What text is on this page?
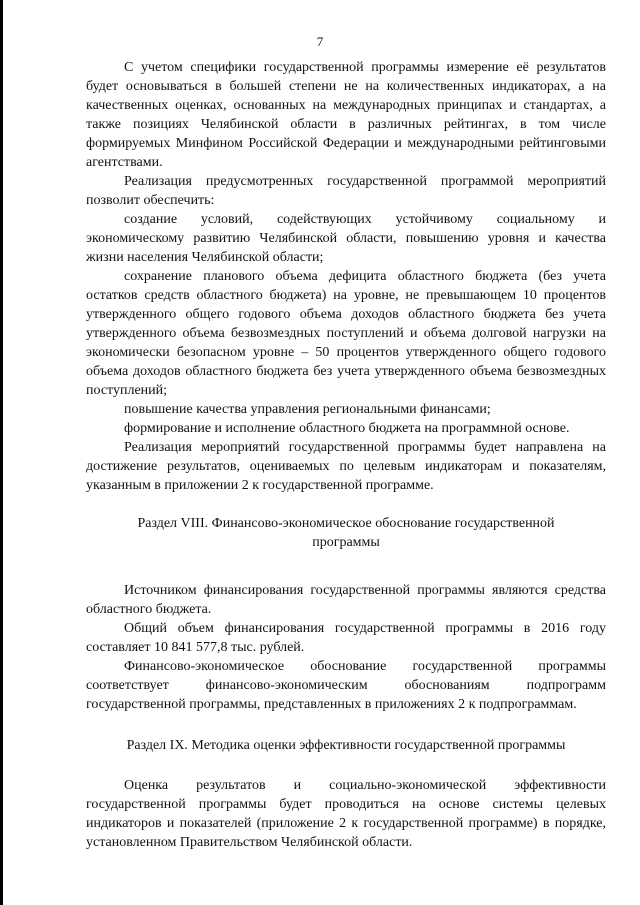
7

С учетом специфики государственной программы измерение её результатов будет основываться в большей степени не на количественных индикаторах, а на качественных оценках, основанных на международных принципах и стандартах, а также позициях Челябинской области в различных рейтингах, в том числе формируемых Минфином Российской Федерации и международными рейтинговыми агентствами.

Реализация предусмотренных государственной программой мероприятий позволит обеспечить:

создание условий, содействующих устойчивому социальному и экономическому развитию Челябинской области, повышению уровня и качества жизни населения Челябинской области;

сохранение планового объема дефицита областного бюджета (без учета остатков средств областного бюджета) на уровне, не превышающем 10 процентов утвержденного общего годового объема доходов областного бюджета без учета утвержденного объема безвозмездных поступлений и объема долговой нагрузки на экономически безопасном уровне – 50 процентов утвержденного общего годового объема доходов областного бюджета без учета утвержденного объема безвозмездных поступлений;

повышение качества управления региональными финансами;

формирование и исполнение областного бюджета на программной основе.

Реализация мероприятий государственной программы будет направлена на достижение результатов, оцениваемых по целевым индикаторам и показателям, указанным в приложении 2 к государственной программе.

Раздел VIII. Финансово-экономическое обоснование государственной
программы

Источником финансирования государственной программы являются средства областного бюджета.

Общий объем финансирования государственной программы в 2016 году составляет 10 841 577,8 тыс. рублей.

Финансово-экономическое обоснование государственной программы соответствует финансово-экономическим обоснованиям подпрограмм государственной программы, представленных в приложениях 2 к подпрограммам.

Раздел IX. Методика оценки эффективности государственной программы

Оценка результатов и социально-экономической эффективности государственной программы будет проводиться на основе системы целевых индикаторов и показателей (приложение 2 к государственной программе) в порядке, установленном Правительством Челябинской области.
